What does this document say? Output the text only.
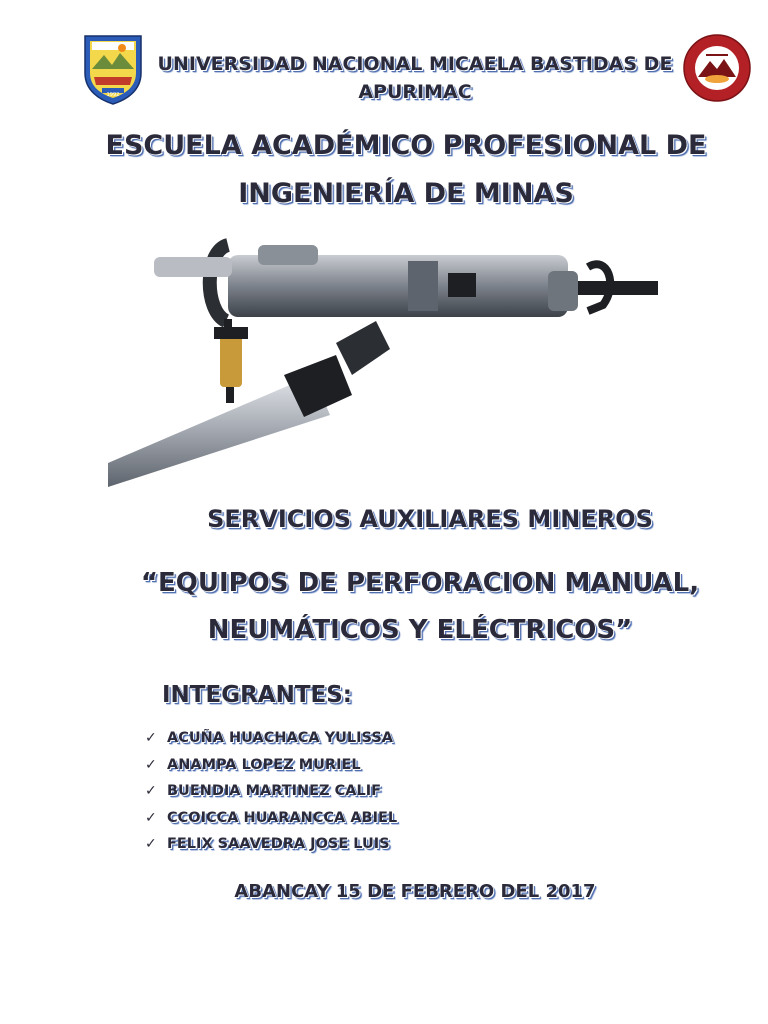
1992
UNIVERSIDAD NACIONAL MICAELA BASTIDAS DE APURIMAC
ESCUELA ACADÉMICO PROFESIONAL DE INGENIERÍA DE MINAS
SERVICIOS AUXILIARES MINEROS
“EQUIPOS DE PERFORACION MANUAL, NEUMÁTICOS Y ELÉCTRICOS”
INTEGRANTES:
✓ ACUÑA HUACHACA YULISSA
✓ ANAMPA LOPEZ MURIEL
✓ BUENDIA MARTINEZ CALIF
✓ CCOICCA HUARANCCA ABIEL
✓ FELIX SAAVEDRA JOSE LUIS
ABANCAY 15 DE FEBRERO DEL 2017
